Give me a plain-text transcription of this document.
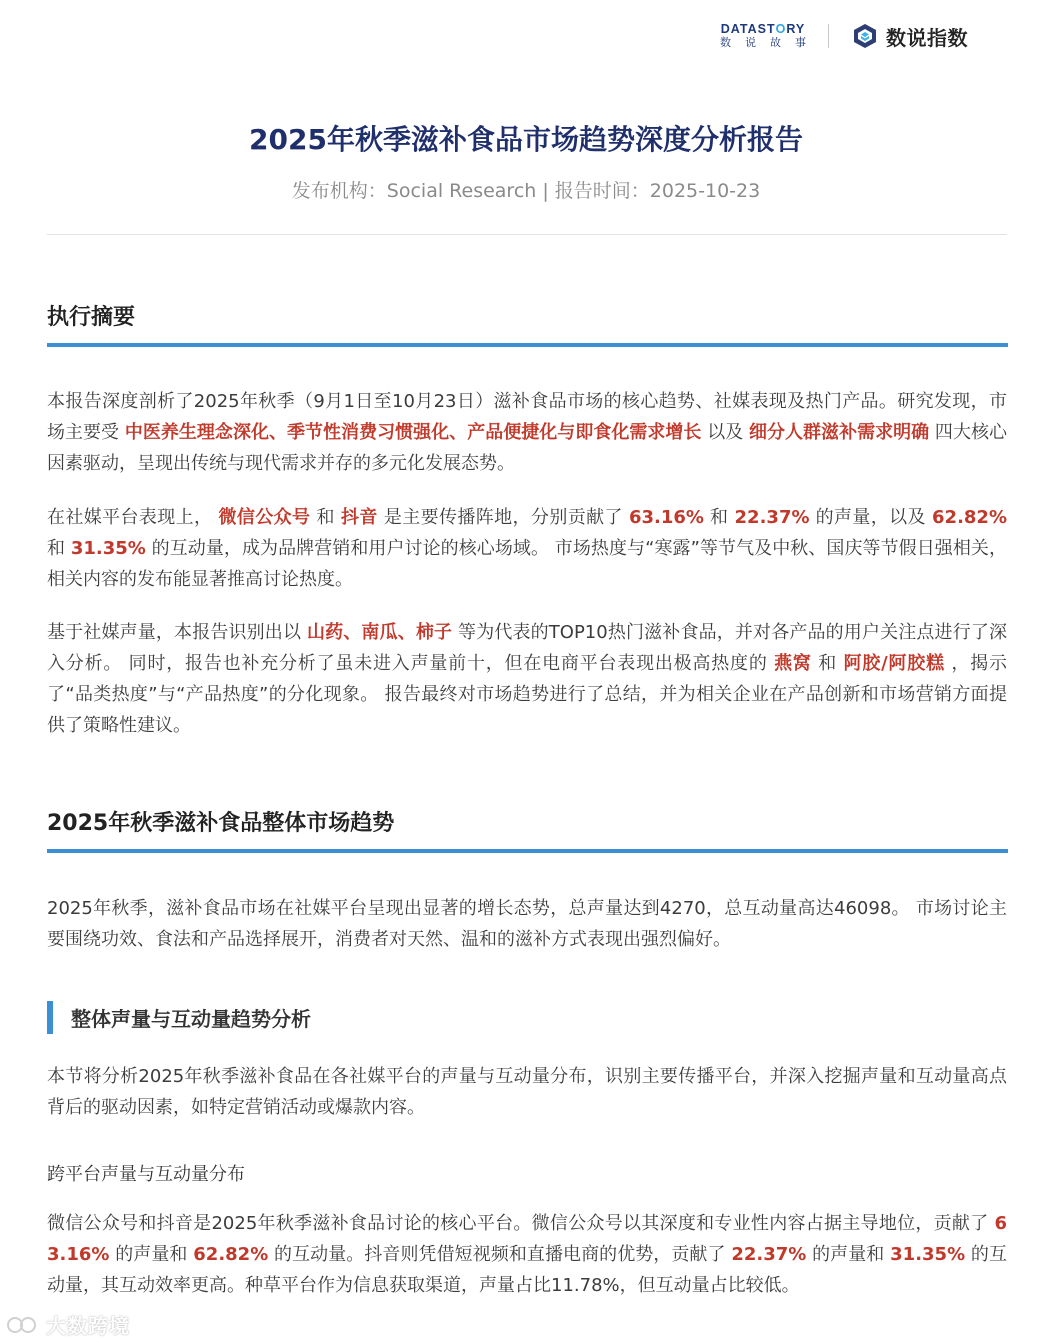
DATASTORY
数说故事	数说指数
2025年秋季滋补食品市场趋势深度分析报告
发布机构：Social Research | 报告时间：2025-10-23
执行摘要
本报告深度剖析了2025年秋季（9月1日至10月23日）滋补食品市场的核心趋势、社媒表现及热门产品。研究发现，市场主要受 中医养生理念深化、季节性消费习惯强化、产品便捷化与即食化需求增长 以及 细分人群滋补需求明确 四大核心因素驱动，呈现出传统与现代需求并存的多元化发展态势。
在社媒平台表现上， 微信公众号 和 抖音 是主要传播阵地，分别贡献了 63.16% 和 22.37% 的声量，以及 62.82% 和 31.35% 的互动量，成为品牌营销和用户讨论的核心场域。 市场热度与“寒露”等节气及中秋、国庆等节假日强相关，相关内容的发布能显著推高讨论热度。
基于社媒声量，本报告识别出以 山药、南瓜、柿子 等为代表的TOP10热门滋补食品，并对各产品的用户关注点进行了深入分析。 同时，报告也补充分析了虽未进入声量前十，但在电商平台表现出极高热度的 燕窝 和 阿胶/阿胶糕 ，揭示了“品类热度”与“产品热度”的分化现象。 报告最终对市场趋势进行了总结，并为相关企业在产品创新和市场营销方面提供了策略性建议。
2025年秋季滋补食品整体市场趋势
2025年秋季，滋补食品市场在社媒平台呈现出显著的增长态势，总声量达到4270，总互动量高达46098。 市场讨论主要围绕功效、食法和产品选择展开，消费者对天然、温和的滋补方式表现出强烈偏好。
整体声量与互动量趋势分析
本节将分析2025年秋季滋补食品在各社媒平台的声量与互动量分布，识别主要传播平台，并深入挖掘声量和互动量高点背后的驱动因素，如特定营销活动或爆款内容。
跨平台声量与互动量分布
微信公众号和抖音是2025年秋季滋补食品讨论的核心平台。微信公众号以其深度和专业性内容占据主导地位，贡献了 63.16% 的声量和 62.82% 的互动量。抖音则凭借短视频和直播电商的优势，贡献了 22.37% 的声量和 31.35% 的互动量，其互动效率更高。种草平台作为信息获取渠道，声量占比11.78%，但互动量占比较低。
大数跨境
